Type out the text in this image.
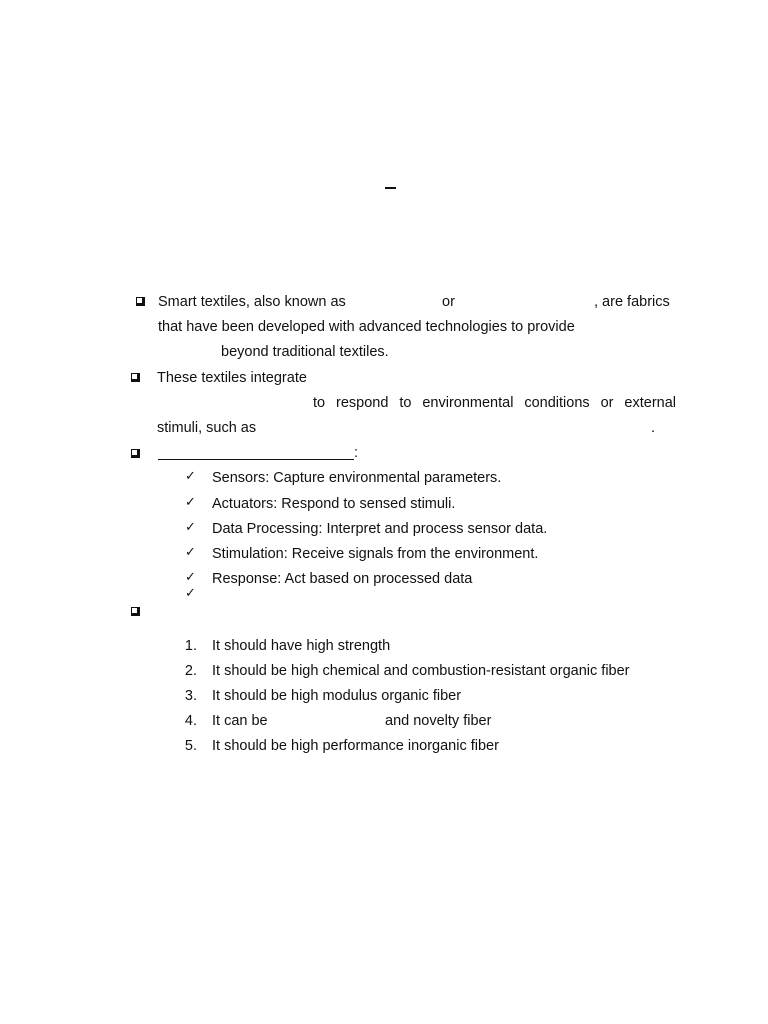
Smart textiles, also known as	or	, are fabrics
that have been developed with advanced technologies to provide
beyond traditional textiles.
These textiles integrate
to respond to environmental conditions or external
stimuli, such as	.
:
✓ Sensors: Capture environmental parameters.
✓ Actuators: Respond to sensed stimuli.
✓ Data Processing: Interpret and process sensor data.
✓ Stimulation: Receive signals from the environment.
✓ Response: Act based on processed data
✓
1. It should have high strength
2. It should be high chemical and combustion-resistant organic fiber
3. It should be high modulus organic fiber
4. It can be	and novelty fiber
5. It should be high performance inorganic fiber
